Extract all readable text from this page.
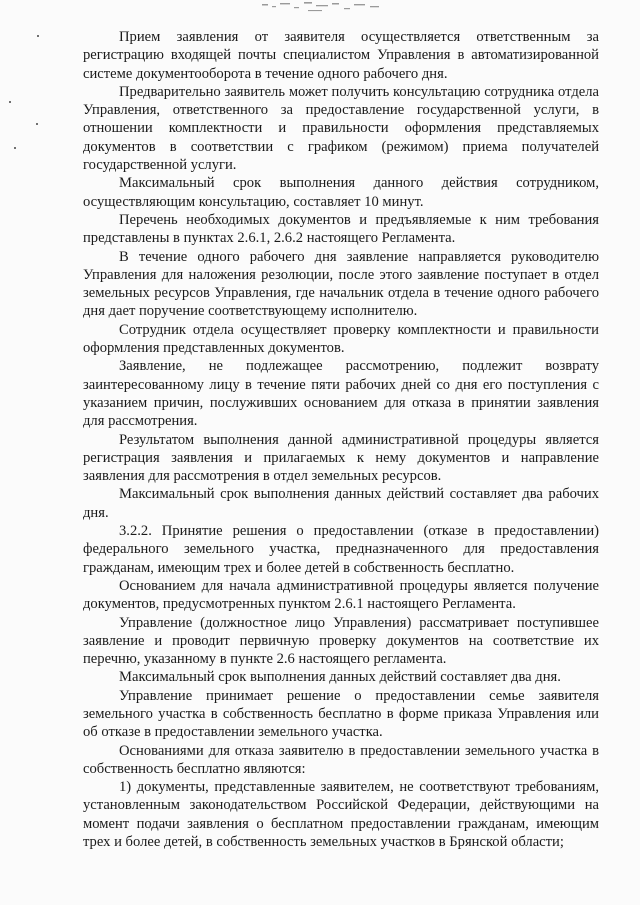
Прием заявления от заявителя осуществляется ответственным за регистрацию входящей почты специалистом Управления в автоматизированной системе документооборота в течение одного рабочего дня.

Предварительно заявитель может получить консультацию сотрудника отдела Управления, ответственного за предоставление государственной услуги, в отношении комплектности и правильности оформления представляемых документов в соответствии с графиком (режимом) приема получателей государственной услуги.

Максимальный срок выполнения данного действия сотрудником, осуществляющим консультацию, составляет 10 минут.

Перечень необходимых документов и предъявляемые к ним требования представлены в пунктах 2.6.1, 2.6.2 настоящего Регламента.

В течение одного рабочего дня заявление направляется руководителю Управления для наложения резолюции, после этого заявление поступает в отдел земельных ресурсов Управления, где начальник отдела в течение одного рабочего дня дает поручение соответствующему исполнителю.

Сотрудник отдела осуществляет проверку комплектности и правильности оформления представленных документов.

Заявление, не подлежащее рассмотрению, подлежит возврату заинтересованному лицу в течение пяти рабочих дней со дня его поступления с указанием причин, послуживших основанием для отказа в принятии заявления для рассмотрения.

Результатом выполнения данной административной процедуры является регистрация заявления и прилагаемых к нему документов и направление заявления для рассмотрения в отдел земельных ресурсов.

Максимальный срок выполнения данных действий составляет два рабочих дня.

3.2.2. Принятие решения о предоставлении (отказе в предоставлении) федерального земельного участка, предназначенного для предоставления гражданам, имеющим трех и более детей в собственность бесплатно.

Основанием для начала административной процедуры является получение документов, предусмотренных пунктом 2.6.1 настоящего Регламента.

Управление (должностное лицо Управления) рассматривает поступившее заявление и проводит первичную проверку документов на соответствие их перечню, указанному в пункте 2.6 настоящего регламента.

Максимальный срок выполнения данных действий составляет два дня.

Управление принимает решение о предоставлении семье заявителя земельного участка в собственность бесплатно в форме приказа Управления или об отказе в предоставлении земельного участка.

Основаниями для отказа заявителю в предоставлении земельного участка в собственность бесплатно являются:

1) документы, представленные заявителем, не соответствуют требованиям, установленным законодательством Российской Федерации, действующими на момент подачи заявления о бесплатном предоставлении гражданам, имеющим трех и более детей, в собственность земельных участков в Брянской области;
